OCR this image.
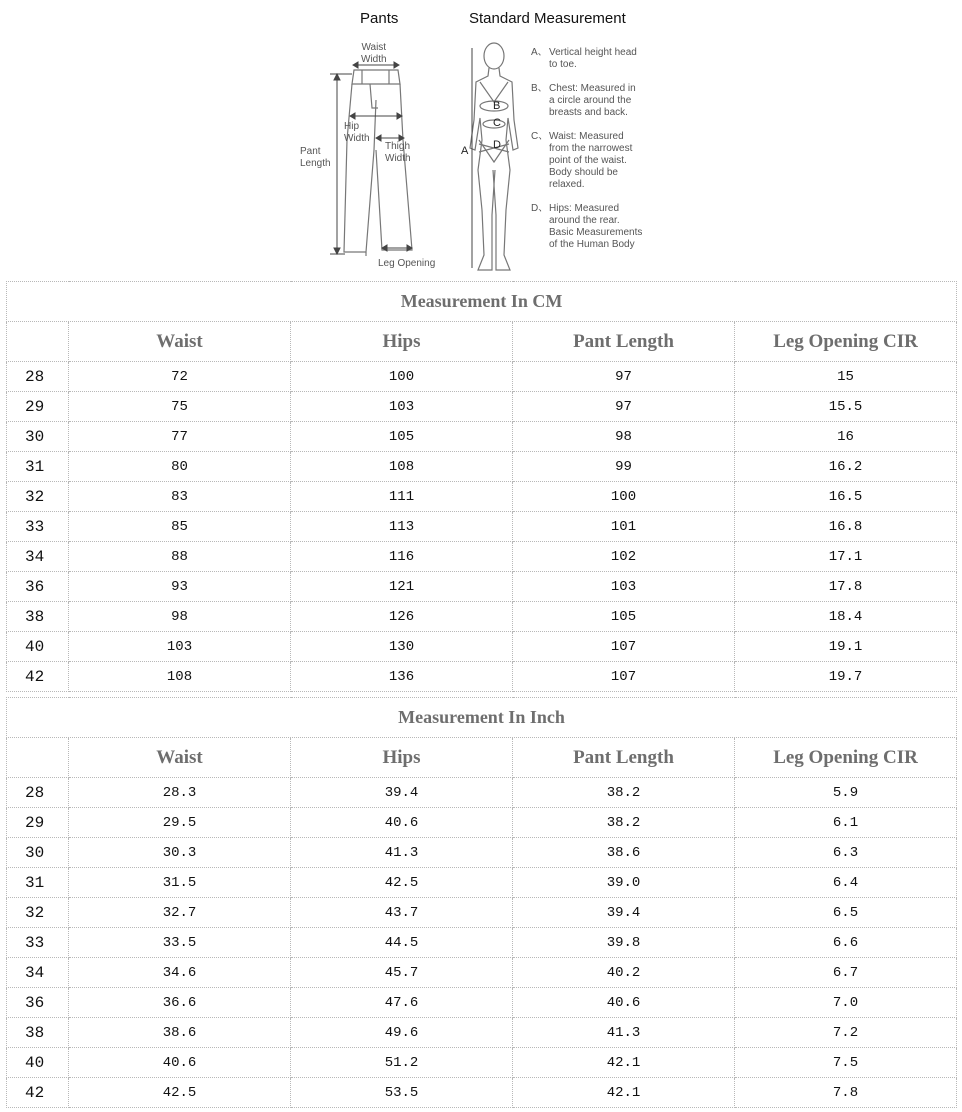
Pants	Standard Measurement
Waist
Width
Hip
Width
Pant
Length
Thigh
Width
Leg Opening
A
B
C
D
A、 Vertical height head
to toe.
B、 Chest: Measured in
a circle around the
breasts and back.
C、 Waist: Measured
from the narrowest
point of the waist.
Body should be
relaxed.
D、 Hips: Measured
around the rear.
Basic Measurements
of the Human Body
Measurement In CM				
	Waist	Hips	Pant Length	Leg Opening CIR
28	72	100	97	15
29	75	103	97	15.5
30	77	105	98	16
31	80	108	99	16.2
32	83	111	100	16.5
33	85	113	101	16.8
34	88	116	102	17.1
36	93	121	103	17.8
38	98	126	105	18.4
40	103	130	107	19.1
42	108	136	107	19.7
Measurement In Inch				
	Waist	Hips	Pant Length	Leg Opening CIR
28	28.3	39.4	38.2	5.9
29	29.5	40.6	38.2	6.1
30	30.3	41.3	38.6	6.3
31	31.5	42.5	39.0	6.4
32	32.7	43.7	39.4	6.5
33	33.5	44.5	39.8	6.6
34	34.6	45.7	40.2	6.7
36	36.6	47.6	40.6	7.0
38	38.6	49.6	41.3	7.2
40	40.6	51.2	42.1	7.5
42	42.5	53.5	42.1	7.8
